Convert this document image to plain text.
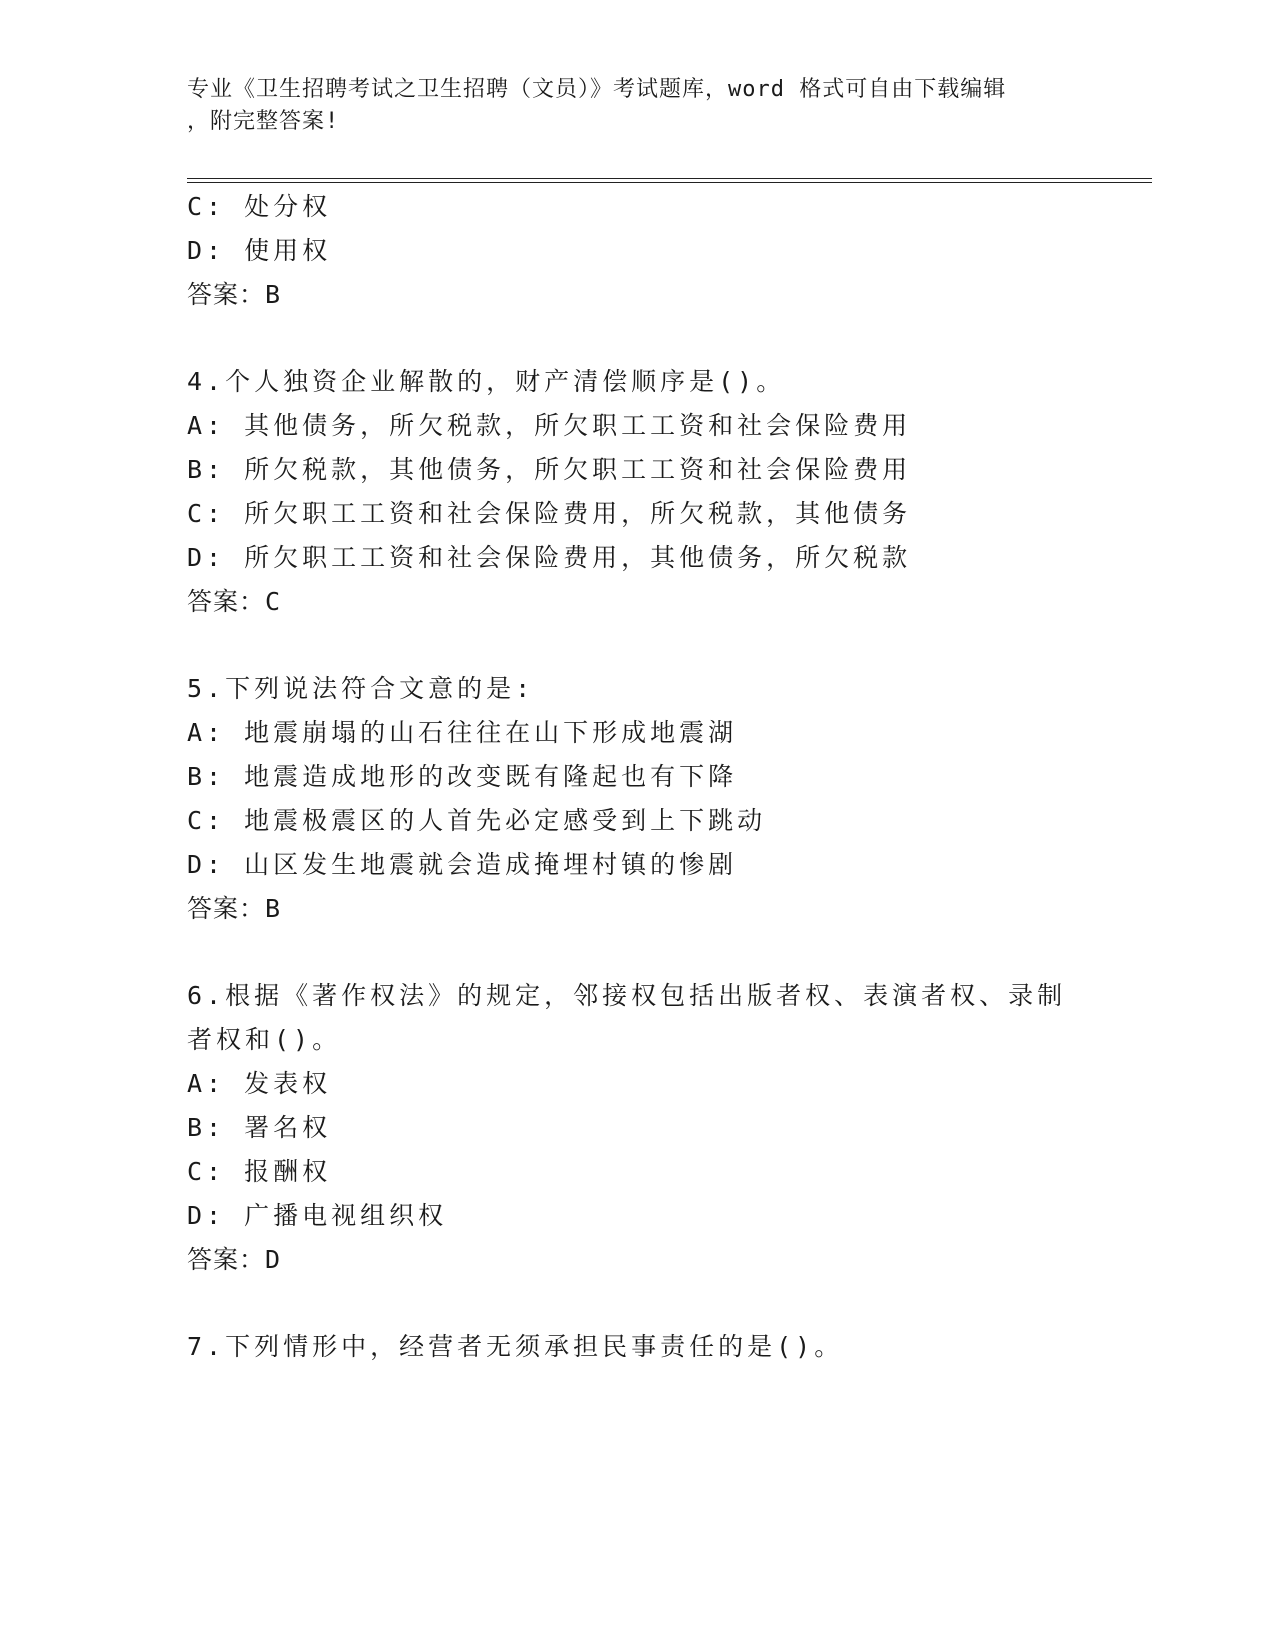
专业《卫生招聘考试之卫生招聘（文员）》考试题库，word 格式可自由下载编辑
，附完整答案!
C: 处分权
D: 使用权
答案：B
4.个人独资企业解散的，财产清偿顺序是()。
A: 其他债务，所欠税款，所欠职工工资和社会保险费用
B: 所欠税款，其他债务，所欠职工工资和社会保险费用
C: 所欠职工工资和社会保险费用，所欠税款，其他债务
D: 所欠职工工资和社会保险费用，其他债务，所欠税款
答案：C
5.下列说法符合文意的是:
A: 地震崩塌的山石往往在山下形成地震湖
B: 地震造成地形的改变既有隆起也有下降
C: 地震极震区的人首先必定感受到上下跳动
D: 山区发生地震就会造成掩埋村镇的惨剧
答案：B
6.根据《著作权法》的规定，邻接权包括出版者权、表演者权、录制
者权和()。
A: 发表权
B: 署名权
C: 报酬权
D: 广播电视组织权
答案：D
7.下列情形中，经营者无须承担民事责任的是()。
